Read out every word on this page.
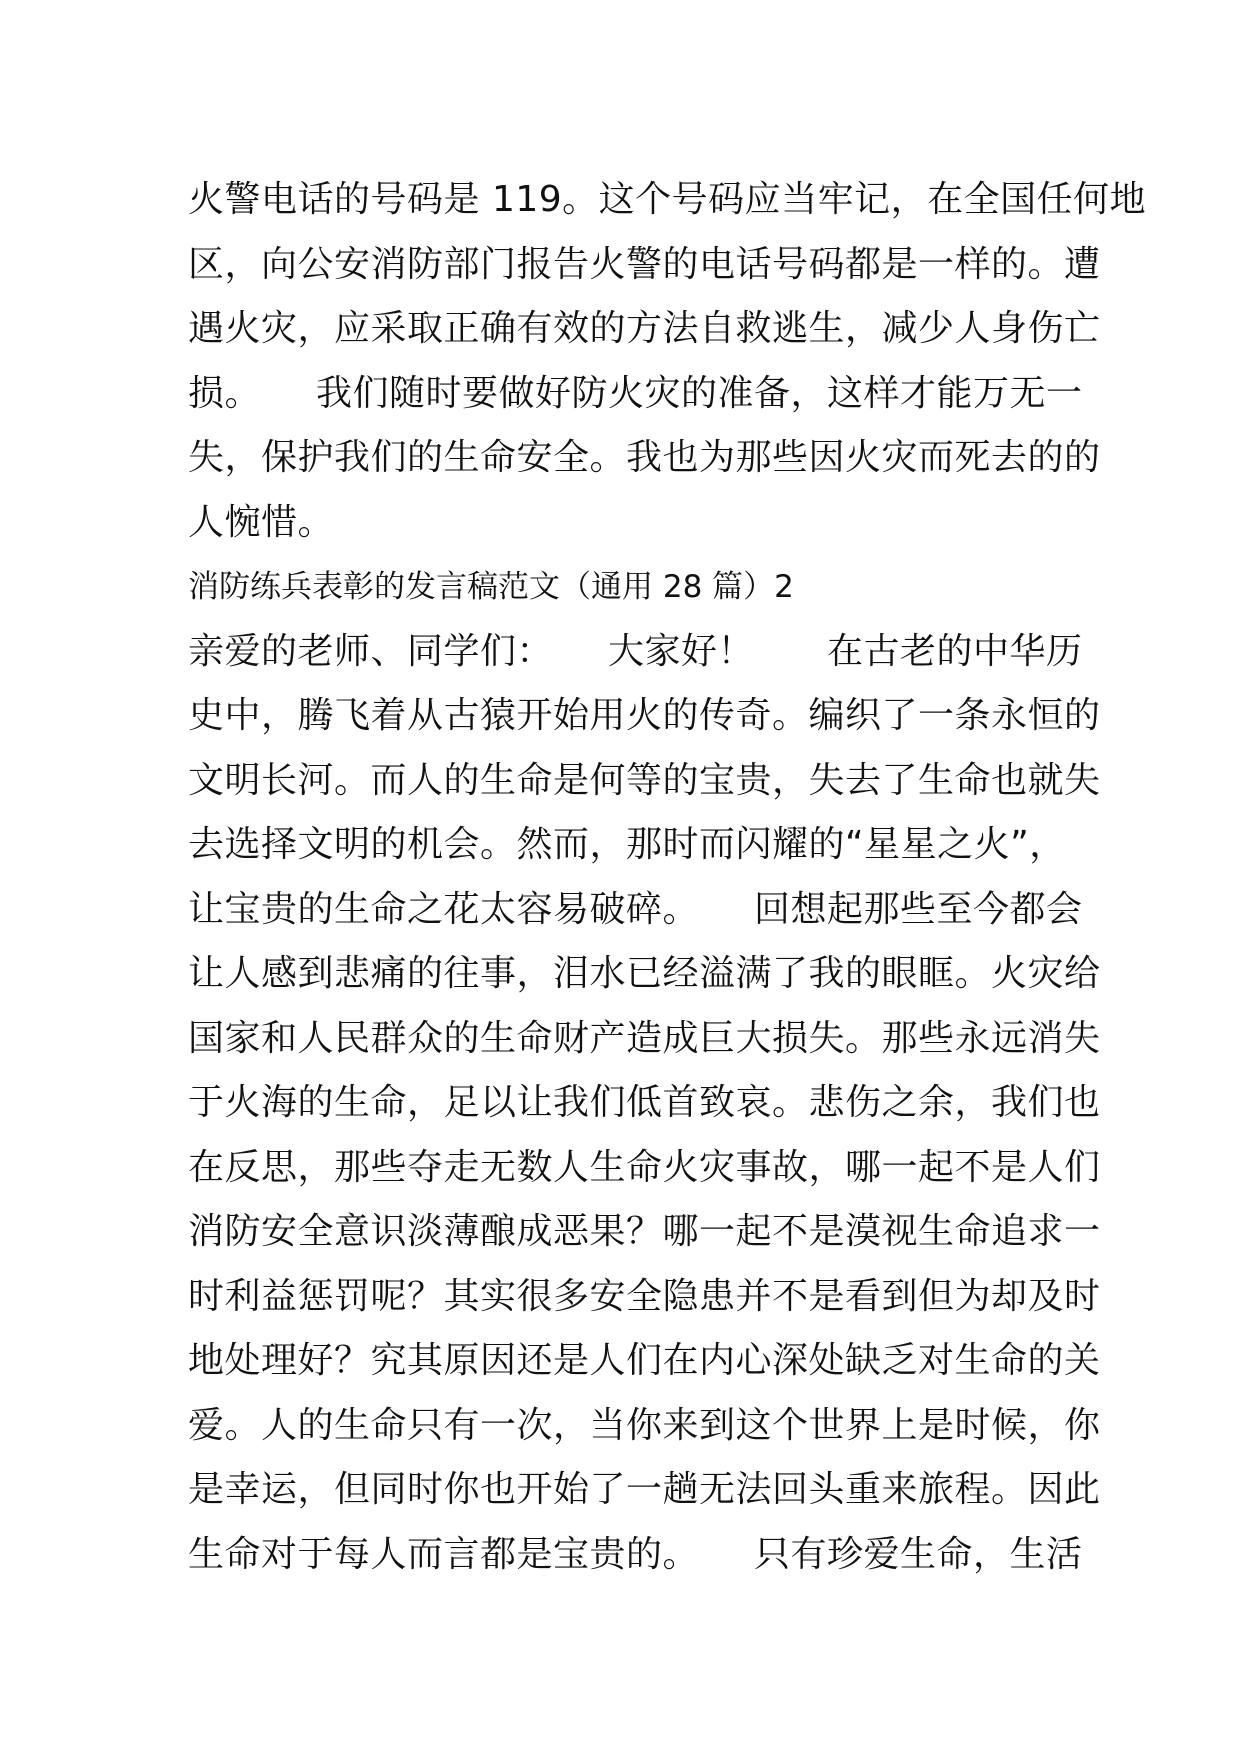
火警电话的号码是 119。这个号码应当牢记，在全国任何地
区，向公安消防部门报告火警的电话号码都是一样的。遭
遇火灾，应采取正确有效的方法自救逃生，减少人身伤亡
损。　　我们随时要做好防火灾的准备，这样才能万无一
失，保护我们的生命安全。我也为那些因火灾而死去的的
人惋惜。
消防练兵表彰的发言稿范文（通用 28 篇）2
亲爱的老师、同学们：　　大家好！　　在古老的中华历
史中，腾飞着从古猿开始用火的传奇。编织了一条永恒的
文明长河。而人的生命是何等的宝贵，失去了生命也就失
去选择文明的机会。然而，那时而闪耀的“星星之火”，
让宝贵的生命之花太容易破碎。　　回想起那些至今都会
让人感到悲痛的往事，泪水已经溢满了我的眼眶。火灾给
国家和人民群众的生命财产造成巨大损失。那些永远消失
于火海的生命，足以让我们低首致哀。悲伤之余，我们也
在反思，那些夺走无数人生命火灾事故，哪一起不是人们
消防安全意识淡薄酿成恶果？哪一起不是漠视生命追求一
时利益惩罚呢？其实很多安全隐患并不是看到但为却及时
地处理好？究其原因还是人们在内心深处缺乏对生命的关
爱。人的生命只有一次，当你来到这个世界上是时候，你
是幸运，但同时你也开始了一趟无法回头重来旅程。因此
生命对于每人而言都是宝贵的。　　只有珍爱生命，生活
